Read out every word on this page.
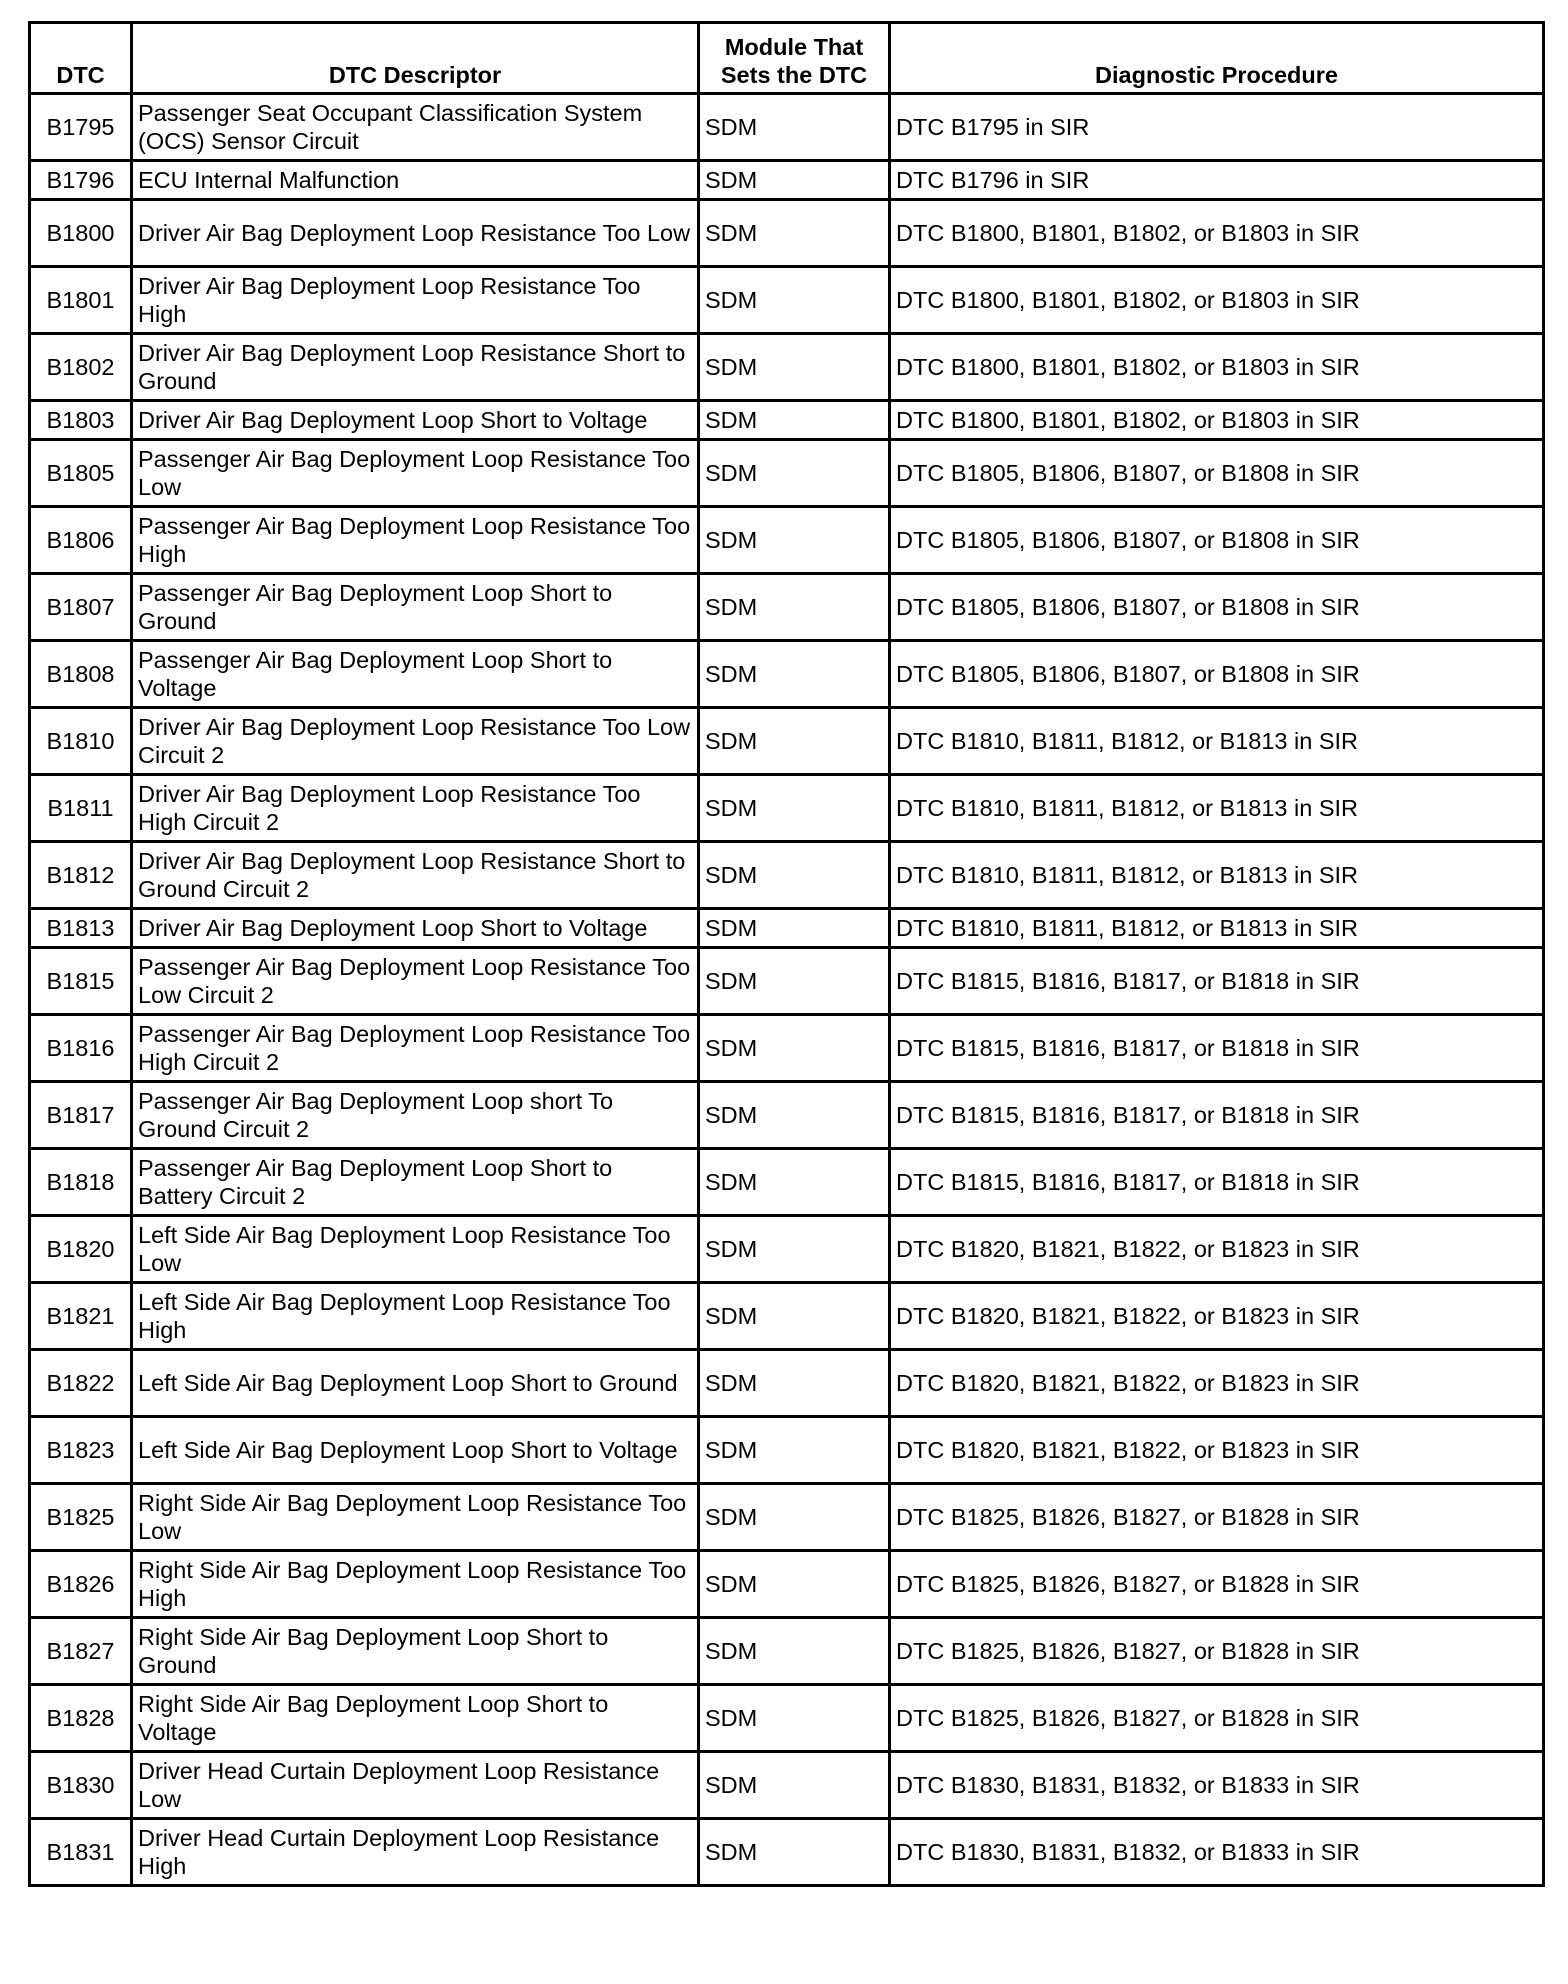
DTC	DTC Descriptor	Module That Sets the DTC	Diagnostic Procedure
B1795	Passenger Seat Occupant Classification System (OCS) Sensor Circuit	SDM	DTC B1795 in SIR
B1796	ECU Internal Malfunction	SDM	DTC B1796 in SIR
B1800	Driver Air Bag Deployment Loop Resistance Too Low	SDM	DTC B1800, B1801, B1802, or B1803 in SIR
B1801	Driver Air Bag Deployment Loop Resistance Too High	SDM	DTC B1800, B1801, B1802, or B1803 in SIR
B1802	Driver Air Bag Deployment Loop Resistance Short to Ground	SDM	DTC B1800, B1801, B1802, or B1803 in SIR
B1803	Driver Air Bag Deployment Loop Short to Voltage	SDM	DTC B1800, B1801, B1802, or B1803 in SIR
B1805	Passenger Air Bag Deployment Loop Resistance Too Low	SDM	DTC B1805, B1806, B1807, or B1808 in SIR
B1806	Passenger Air Bag Deployment Loop Resistance Too High	SDM	DTC B1805, B1806, B1807, or B1808 in SIR
B1807	Passenger Air Bag Deployment Loop Short to Ground	SDM	DTC B1805, B1806, B1807, or B1808 in SIR
B1808	Passenger Air Bag Deployment Loop Short to Voltage	SDM	DTC B1805, B1806, B1807, or B1808 in SIR
B1810	Driver Air Bag Deployment Loop Resistance Too Low Circuit 2	SDM	DTC B1810, B1811, B1812, or B1813 in SIR
B1811	Driver Air Bag Deployment Loop Resistance Too High Circuit 2	SDM	DTC B1810, B1811, B1812, or B1813 in SIR
B1812	Driver Air Bag Deployment Loop Resistance Short to Ground Circuit 2	SDM	DTC B1810, B1811, B1812, or B1813 in SIR
B1813	Driver Air Bag Deployment Loop Short to Voltage	SDM	DTC B1810, B1811, B1812, or B1813 in SIR
B1815	Passenger Air Bag Deployment Loop Resistance Too Low Circuit 2	SDM	DTC B1815, B1816, B1817, or B1818 in SIR
B1816	Passenger Air Bag Deployment Loop Resistance Too High Circuit 2	SDM	DTC B1815, B1816, B1817, or B1818 in SIR
B1817	Passenger Air Bag Deployment Loop short To Ground Circuit 2	SDM	DTC B1815, B1816, B1817, or B1818 in SIR
B1818	Passenger Air Bag Deployment Loop Short to Battery Circuit 2	SDM	DTC B1815, B1816, B1817, or B1818 in SIR
B1820	Left Side Air Bag Deployment Loop Resistance Too Low	SDM	DTC B1820, B1821, B1822, or B1823 in SIR
B1821	Left Side Air Bag Deployment Loop Resistance Too High	SDM	DTC B1820, B1821, B1822, or B1823 in SIR
B1822	Left Side Air Bag Deployment Loop Short to Ground	SDM	DTC B1820, B1821, B1822, or B1823 in SIR
B1823	Left Side Air Bag Deployment Loop Short to Voltage	SDM	DTC B1820, B1821, B1822, or B1823 in SIR
B1825	Right Side Air Bag Deployment Loop Resistance Too Low	SDM	DTC B1825, B1826, B1827, or B1828 in SIR
B1826	Right Side Air Bag Deployment Loop Resistance Too High	SDM	DTC B1825, B1826, B1827, or B1828 in SIR
B1827	Right Side Air Bag Deployment Loop Short to Ground	SDM	DTC B1825, B1826, B1827, or B1828 in SIR
B1828	Right Side Air Bag Deployment Loop Short to Voltage	SDM	DTC B1825, B1826, B1827, or B1828 in SIR
B1830	Driver Head Curtain Deployment Loop Resistance Low	SDM	DTC B1830, B1831, B1832, or B1833 in SIR
B1831	Driver Head Curtain Deployment Loop Resistance High	SDM	DTC B1830, B1831, B1832, or B1833 in SIR
